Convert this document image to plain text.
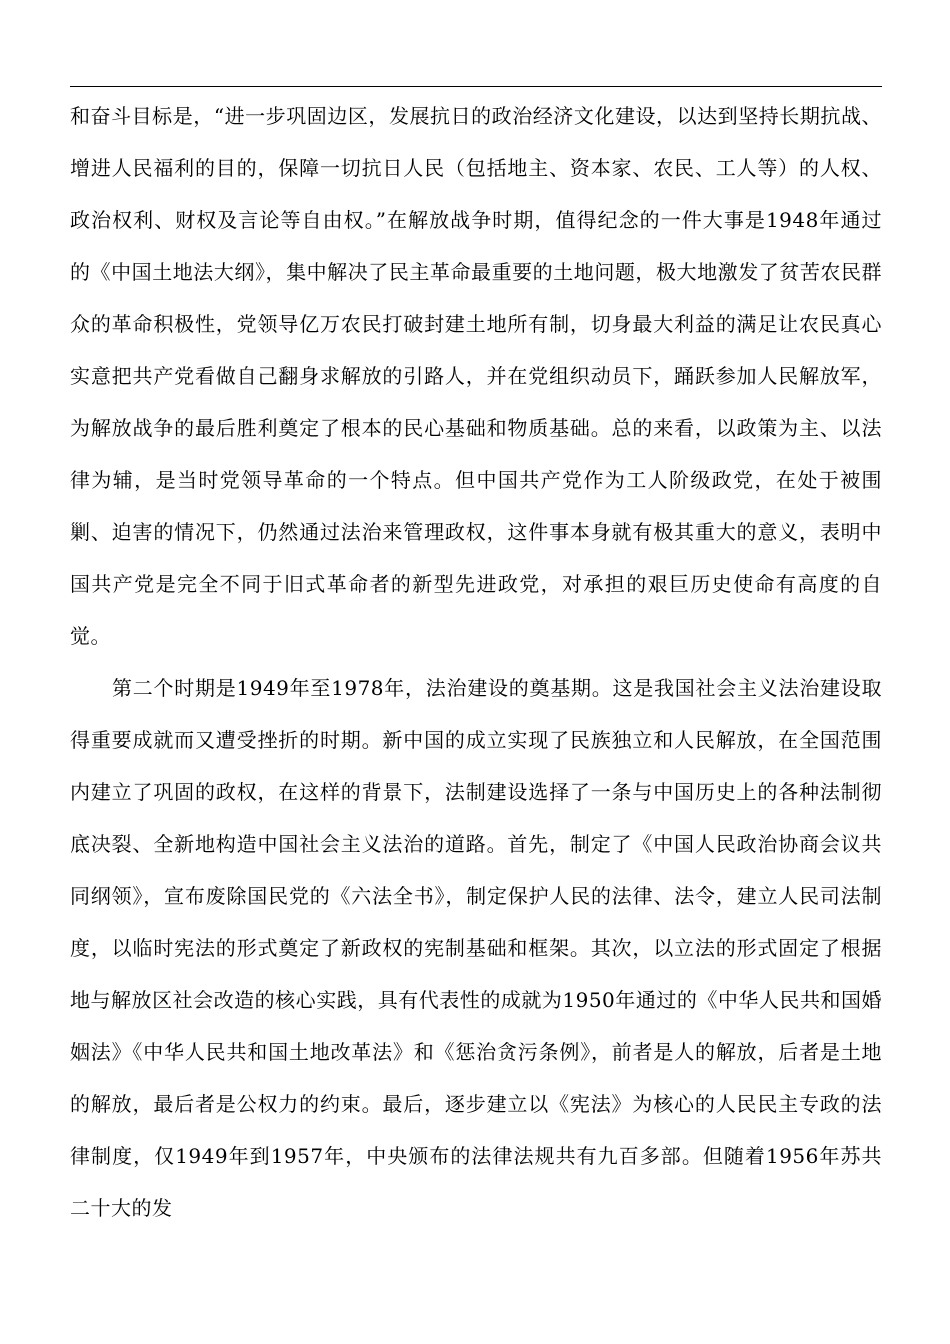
和奋斗目标是，“进一步巩固边区，发展抗日的政治经济文化建设，以达到坚持长期抗战、增进人民福利的目的，保障一切抗日人民（包括地主、资本家、农民、工人等）的人权、政治权利、财权及言论等自由权。”在解放战争时期，值得纪念的一件大事是1948年通过的《中国土地法大纲》，集中解决了民主革命最重要的土地问题，极大地激发了贫苦农民群众的革命积极性，党领导亿万农民打破封建土地所有制，切身最大利益的满足让农民真心实意把共产党看做自己翻身求解放的引路人，并在党组织动员下，踊跃参加人民解放军，为解放战争的最后胜利奠定了根本的民心基础和物质基础。总的来看，以政策为主、以法律为辅，是当时党领导革命的一个特点。但中国共产党作为工人阶级政党，在处于被围剿、迫害的情况下，仍然通过法治来管理政权，这件事本身就有极其重大的意义，表明中国共产党是完全不同于旧式革命者的新型先进政党，对承担的艰巨历史使命有高度的自觉。

第二个时期是1949年至1978年，法治建设的奠基期。这是我国社会主义法治建设取得重要成就而又遭受挫折的时期。新中国的成立实现了民族独立和人民解放，在全国范围内建立了巩固的政权，在这样的背景下，法制建设选择了一条与中国历史上的各种法制彻底决裂、全新地构造中国社会主义法治的道路。首先，制定了《中国人民政治协商会议共同纲领》，宣布废除国民党的《六法全书》，制定保护人民的法律、法令，建立人民司法制度，以临时宪法的形式奠定了新政权的宪制基础和框架。其次，以立法的形式固定了根据地与解放区社会改造的核心实践，具有代表性的成就为1950年通过的《中华人民共和国婚姻法》《中华人民共和国土地改革法》和《惩治贪污条例》，前者是人的解放，后者是土地的解放，最后者是公权力的约束。最后，逐步建立以《宪法》为核心的人民民主专政的法律制度，仅1949年到1957年，中央颁布的法律法规共有九百多部。但随着1956年苏共二十大的发
